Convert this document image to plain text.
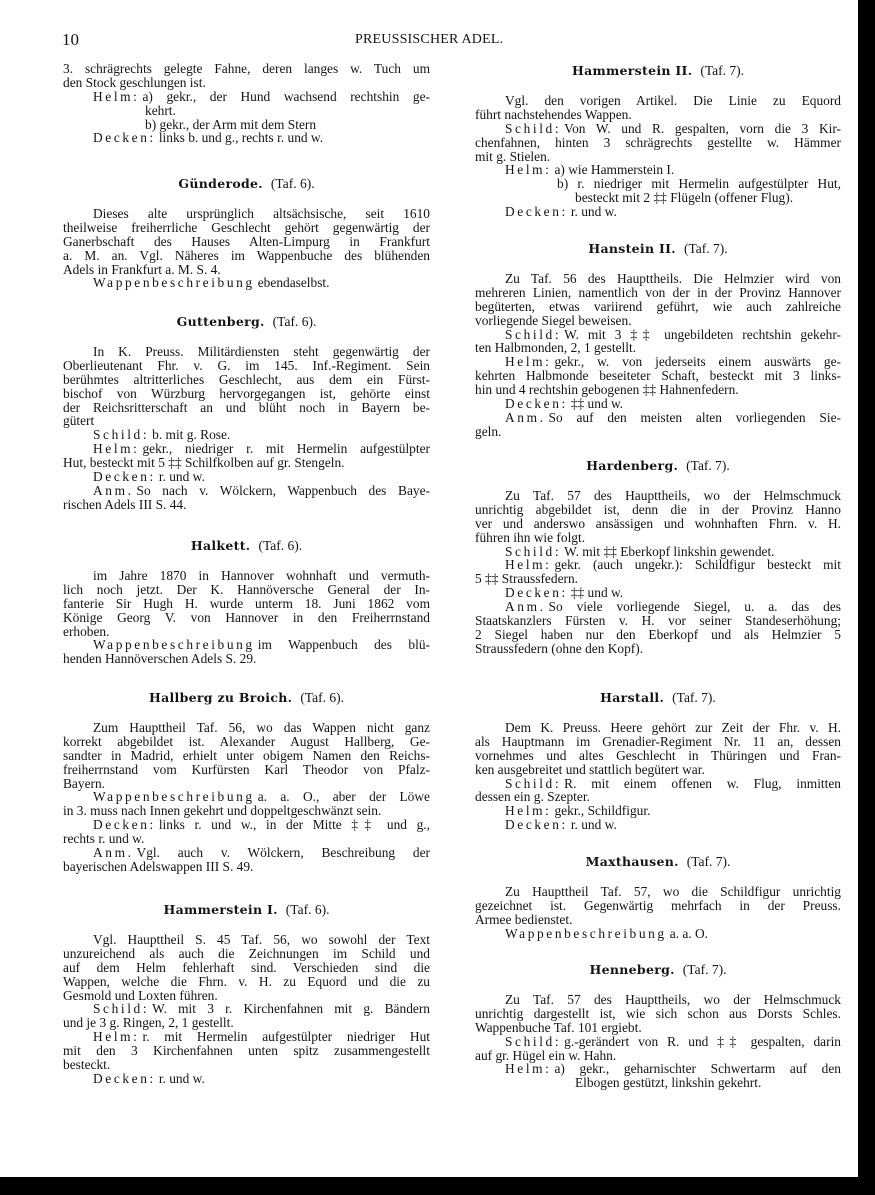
10	PREUSSISCHER ADEL.
3. schrägrechts gelegte Fahne, deren langes w. Tuch um
den Stock geschlungen ist.
Helm: a) gekr., der Hund wachsend rechtshin ge-
kehrt.
b) gekr., der Arm mit dem Stern
Decken: links b. und g., rechts r. und w.
Günderode. (Taf. 6).
Dieses alte ursprünglich altsächsische, seit 1610
theilweise freiherrliche Geschlecht gehört gegenwärtig der
Ganerbschaft des Hauses Alten-Limpurg in Frankfurt
a. M. an. Vgl. Näheres im Wappenbuche des blühenden
Adels in Frankfurt a. M. S. 4.
Wappenbeschreibung ebendaselbst.
Guttenberg. (Taf. 6).
In K. Preuss. Militärdiensten steht gegenwärtig der
Oberlieutenant Fhr. v. G. im 145. Inf.-Regiment. Sein
berühmtes altritterliches Geschlecht, aus dem ein Fürst-
bischof von Würzburg hervorgegangen ist, gehörte einst
der Reichsritterschaft an und blüht noch in Bayern be-
gütert
Schild: b. mit g. Rose.
Helm: gekr., niedriger r. mit Hermelin aufgestülpter
Hut, besteckt mit 5 ‡‡ Schilfkolben auf gr. Stengeln.
Decken: r. und w.
Anm. So nach v. Wölckern, Wappenbuch des Baye-
rischen Adels III S. 44.
Halkett. (Taf. 6).
im Jahre 1870 in Hannover wohnhaft und vermuth-
lich noch jetzt. Der K. Hannöversche General der In-
fanterie Sir Hugh H. wurde unterm 18. Juni 1862 vom
Könige Georg V. von Hannover in den Freiherrnstand
erhoben.
Wappenbeschreibung im Wappenbuch des blü-
henden Hannöverschen Adels S. 29.
Hallberg zu Broich. (Taf. 6).
Zum Haupttheil Taf. 56, wo das Wappen nicht ganz
korrekt abgebildet ist. Alexander August Hallberg, Ge-
sandter in Madrid, erhielt unter obigem Namen den Reichs-
freiherrnstand vom Kurfürsten Karl Theodor von Pfalz-
Bayern.
Wappenbeschreibung a. a. O., aber der Löwe
in 3. muss nach Innen gekehrt und doppeltgeschwänzt sein.
Decken: links r. und w., in der Mitte ‡‡ und g.,
rechts r. und w.
Anm. Vgl. auch v. Wölckern, Beschreibung der
bayerischen Adelswappen III S. 49.
Hammerstein I. (Taf. 6).
Vgl. Haupttheil S. 45 Taf. 56, wo sowohl der Text
unzureichend als auch die Zeichnungen im Schild und
auf dem Helm fehlerhaft sind. Verschieden sind die
Wappen, welche die Fhrn. v. H. zu Equord und die zu
Gesmold und Loxten führen.
Schild: W. mit 3 r. Kirchenfahnen mit g. Bändern
und je 3 g. Ringen, 2, 1 gestellt.
Helm: r. mit Hermelin aufgestülpter niedriger Hut
mit den 3 Kirchenfahnen unten spitz zusammengestellt
besteckt.
Decken: r. und w.
Hammerstein II. (Taf. 7).
Vgl. den vorigen Artikel. Die Linie zu Equord
führt nachstehendes Wappen.
Schild: Von W. und R. gespalten, vorn die 3 Kir-
chenfahnen, hinten 3 schrägrechts gestellte w. Hämmer
mit g. Stielen.
Helm: a) wie Hammerstein I.
b) r. niedriger mit Hermelin aufgestülpter Hut,
besteckt mit 2 ‡‡ Flügeln (offener Flug).
Decken: r. und w.
Hanstein II. (Taf. 7).
Zu Taf. 56 des Haupttheils. Die Helmzier wird von
mehreren Linien, namentlich von der in der Provinz Hannover
begüterten, etwas variirend geführt, wie auch zahlreiche
vorliegende Siegel beweisen.
Schild: W. mit 3 ‡‡ ungebildeten rechtshin gekehr-
ten Halbmonden, 2, 1 gestellt.
Helm: gekr., w. von jederseits einem auswärts ge-
kehrten Halbmonde beseiteter Schaft, besteckt mit 3 links-
hin und 4 rechtshin gebogenen ‡‡ Hahnenfedern.
Decken: ‡‡ und w.
Anm. So auf den meisten alten vorliegenden Sie-
geln.
Hardenberg. (Taf. 7).
Zu Taf. 57 des Haupttheils, wo der Helmschmuck
unrichtig abgebildet ist, denn die in der Provinz Hanno
ver und anderswo ansässigen und wohnhaften Fhrn. v. H.
führen ihn wie folgt.
Schild: W. mit ‡‡ Eberkopf linkshin gewendet.
Helm: gekr. (auch ungekr.): Schildfigur besteckt mit
5 ‡‡ Straussfedern.
Decken: ‡‡ und w.
Anm. So viele vorliegende Siegel, u. a. das des
Staatskanzlers Fürsten v. H. vor seiner Standeserhöhung;
2 Siegel haben nur den Eberkopf und als Helmzier 5
Straussfedern (ohne den Kopf).
Harstall. (Taf. 7).
Dem K. Preuss. Heere gehört zur Zeit der Fhr. v. H.
als Hauptmann im Grenadier-Regiment Nr. 11 an, dessen
vornehmes und altes Geschlecht in Thüringen und Fran-
ken ausgebreitet und stattlich begütert war.
Schild: R. mit einem offenen w. Flug, inmitten
dessen ein g. Szepter.
Helm: gekr., Schildfigur.
Decken: r. und w.
Maxthausen. (Taf. 7).
Zu Haupttheil Taf. 57, wo die Schildfigur unrichtig
gezeichnet ist. Gegenwärtig mehrfach in der Preuss.
Armee bedienstet.
Wappenbeschreibung a. a. O.
Henneberg. (Taf. 7).
Zu Taf. 57 des Haupttheils, wo der Helmschmuck
unrichtig dargestellt ist, wie sich schon aus Dorsts Schles.
Wappenbuche Taf. 101 ergiebt.
Schild: g.-gerändert von R. und ‡‡ gespalten, darin
auf gr. Hügel ein w. Hahn.
Helm: a) gekr., geharnischter Schwertarm auf den
Elbogen gestützt, linkshin gekehrt.
